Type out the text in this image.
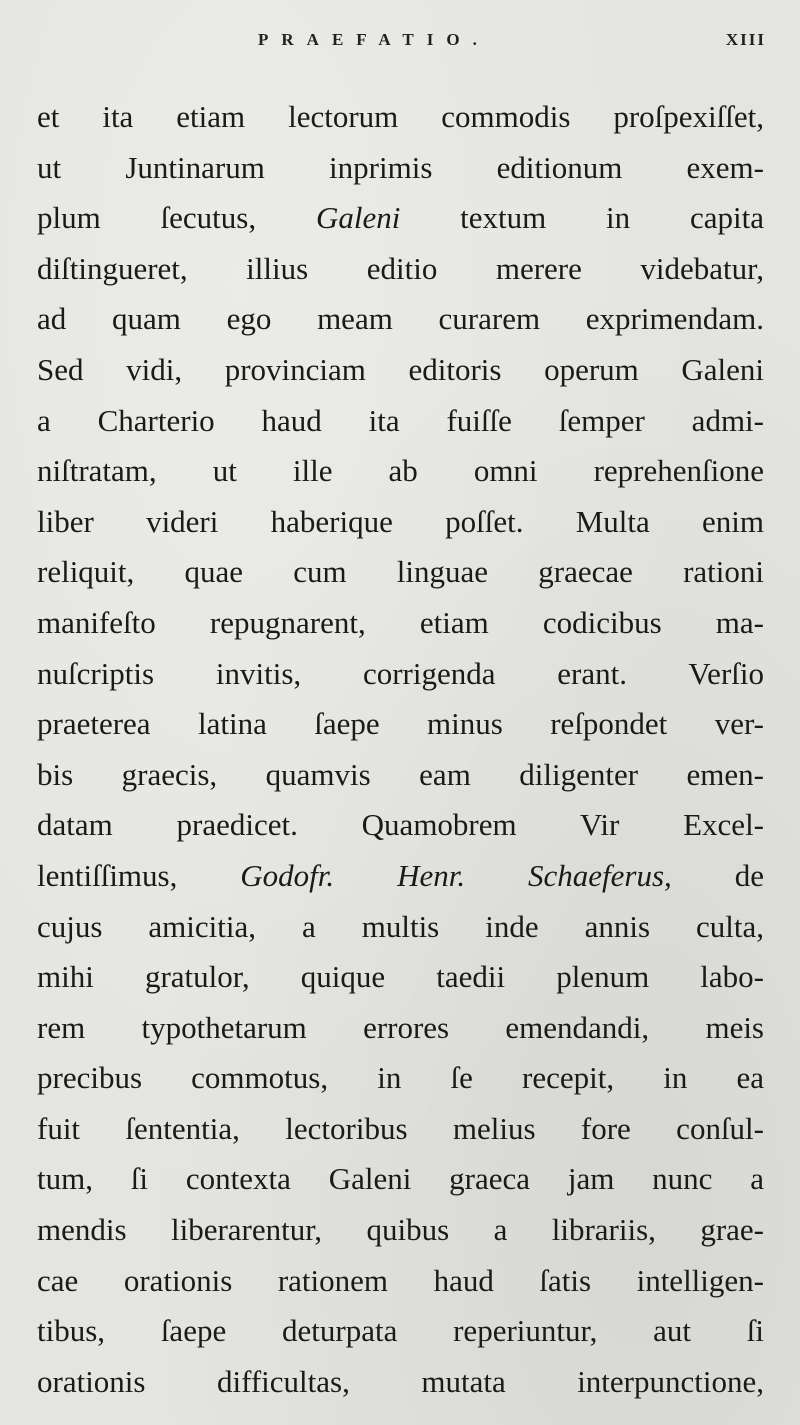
PRAEFATIO.	XIII
et ita etiam lectorum commodis proſpexiſſet,
ut Juntinarum inprimis editionum exem-
plum ſecutus, Galeni textum in capita
diſtingueret, illius editio merere videbatur,
ad quam ego meam curarem exprimendam.
Sed vidi, provinciam editoris operum Galeni
a Charterio haud ita fuiſſe ſemper admi-
niſtratam, ut ille ab omni reprehenſione
liber videri haberique poſſet. Multa enim
reliquit, quae cum linguae graecae rationi
manifeſto repugnarent, etiam codicibus ma-
nuſcriptis invitis, corrigenda erant. Verſio
praeterea latina ſaepe minus reſpondet ver-
bis graecis, quamvis eam diligenter emen-
datam praedicet. Quamobrem Vir Excel-
lentiſſimus, Godofr. Henr. Schaeferus, de
cujus amicitia, a multis inde annis culta,
mihi gratulor, quique taedii plenum labo-
rem typothetarum errores emendandi, meis
precibus commotus, in ſe recepit, in ea
fuit ſententia, lectoribus melius fore conſul-
tum, ſi contexta Galeni graeca jam nunc a
mendis liberarentur, quibus a librariis, grae-
cae orationis rationem haud ſatis intelligen-
tibus, ſaepe deturpata reperiuntur, aut ſi
orationis difficultas, mutata interpunctione,
